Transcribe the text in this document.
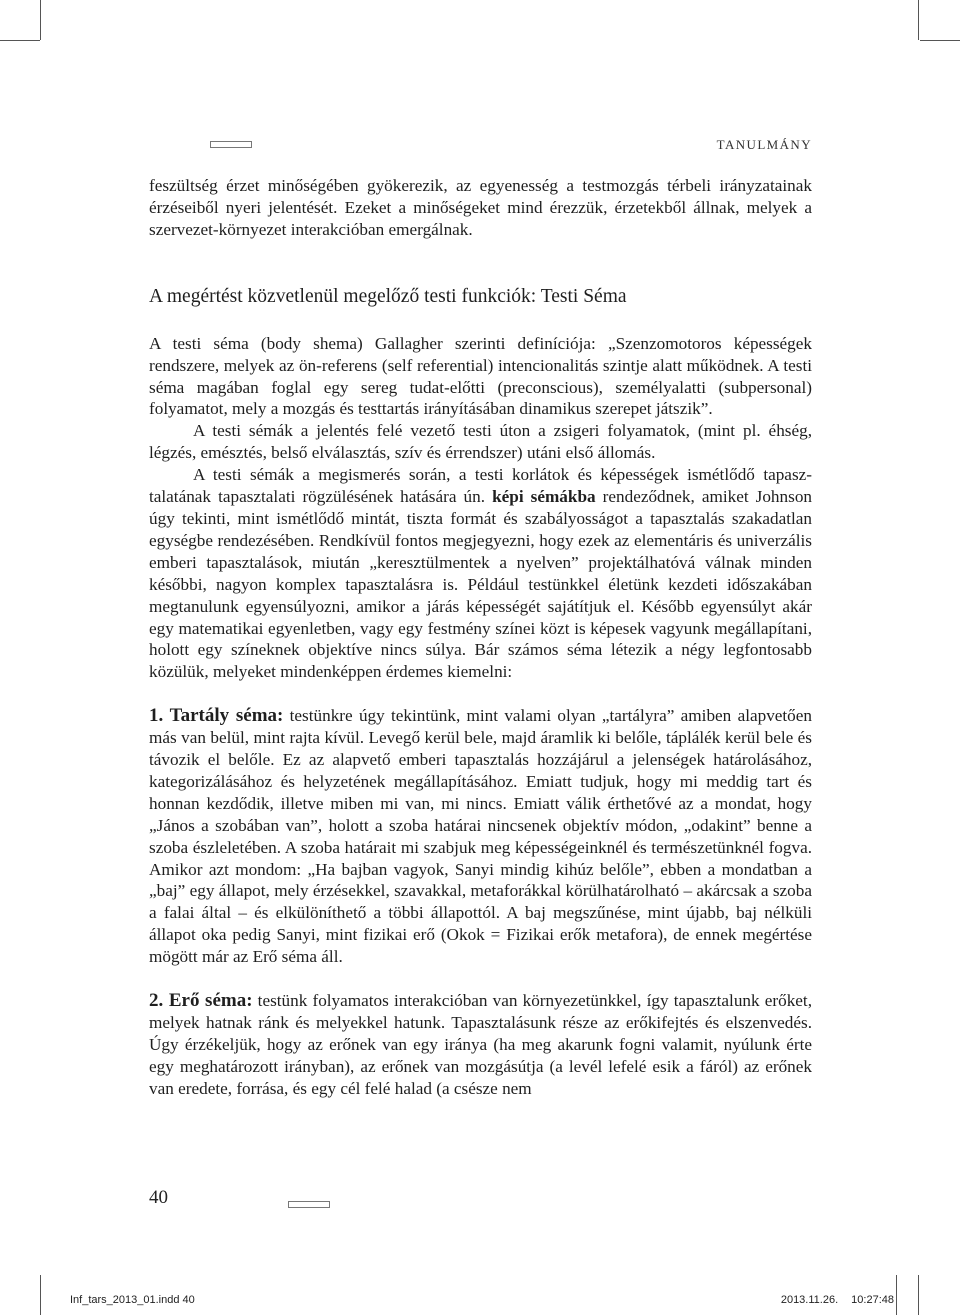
TANULMÁNY

feszültség érzet minőségében gyökerezik, az egyenesség a testmozgás térbeli irányzatainak érzéseiből nyeri jelentését. Ezeket a minőségeket mind érezzük, érzetekből állnak, melyek a szervezet-környezet interakcióban emergálnak.

A megértést közvetlenül megelőző testi funkciók: Testi Séma

A testi séma (body shema) Gallagher szerinti definíciója: „Szenzomotoros képességek rendszere, melyek az ön-referens (self referential) intencionalitás szintje alatt működnek. A testi séma magában foglal egy sereg tudat-előtti (preconscious), személyalatti (subpersonal) folyamatot, mely a mozgás és testtartás irányításában dinamikus szerepet játszik”.

A testi sémák a jelentés felé vezető testi úton a zsigeri folyamatok, (mint pl. éhség, légzés, emésztés, belső elválasztás, szív és érrendszer) utáni első állomás.

A testi sémák a megismerés során, a testi korlátok és képességek ismétlődő tapasztalatának tapasztalati rögzülésének hatására ún. képi sémákba rendeződnek, amiket Johnson úgy tekinti, mint ismétlődő mintát, tiszta formát és szabályosságot a tapasztalás szakadatlan egységbe rendezésében. Rendkívül fontos megjegyezni, hogy ezek az elementáris és univerzális emberi tapasztalások, miután „keresztülmentek a nyelven” projektálhatóvá válnak minden későbbi, nagyon komplex tapasztalásra is. Például testünkkel életünk kezdeti időszakában megtanulunk egyensúlyozni, amikor a járás képességét sajátítjuk el. Később egyensúlyt akár egy matematikai egyenletben, vagy egy festmény színei közt is képesek vagyunk megállapítani, holott egy színeknek objektíve nincs súlya. Bár számos séma létezik a négy legfontosabb közülük, melyeket mindenképpen érdemes kiemelni:

1. Tartály séma: testünkre úgy tekintünk, mint valami olyan „tartályra” amiben alapvetően más van belül, mint rajta kívül. Levegő kerül bele, majd áramlik ki belőle, táplálék kerül bele és távozik el belőle. Ez az alapvető emberi tapasztalás hozzájárul a jelenségek határolásához, kategorizálásához és helyzetének megállapításához. Emiatt tudjuk, hogy mi meddig tart és honnan kezdődik, illetve miben mi van, mi nincs. Emiatt válik érthetővé az a mondat, hogy „János a szobában van”, holott a szoba határai nincsenek objektív módon, „odakint” benne a szoba észleletében. A szoba határait mi szabjuk meg képességeinknél és természetünknél fogva. Amikor azt mondom: „Ha bajban vagyok, Sanyi mindig kihúz belőle”, ebben a mondatban a „baj” egy állapot, mely érzésekkel, szavakkal, metaforákkal körülhatárolható – akárcsak a szoba a falai által – és elkülöníthető a többi állapottól. A baj megszűnése, mint újabb, baj nélküli állapot oka pedig Sanyi, mint fizikai erő (Okok = Fizikai erők metafora), de ennek megértése mögött már az Erő séma áll.

2. Erő séma: testünk folyamatos interakcióban van környezetünkkel, így tapasztalunk erőket, melyek hatnak ránk és melyekkel hatunk. Tapasztalásunk része az erőkifejtés és elszenvedés. Úgy érzékeljük, hogy az erőnek van egy iránya (ha meg akarunk fogni valamit, nyúlunk érte egy meghatározott irányban), az erőnek van mozgásútja (a levél lefelé esik a fáról) az erőnek van eredete, forrása, és egy cél felé halad (a csésze nem

40
Inf_tars_2013_01.indd 40	2013.11.26. 10:27:48
